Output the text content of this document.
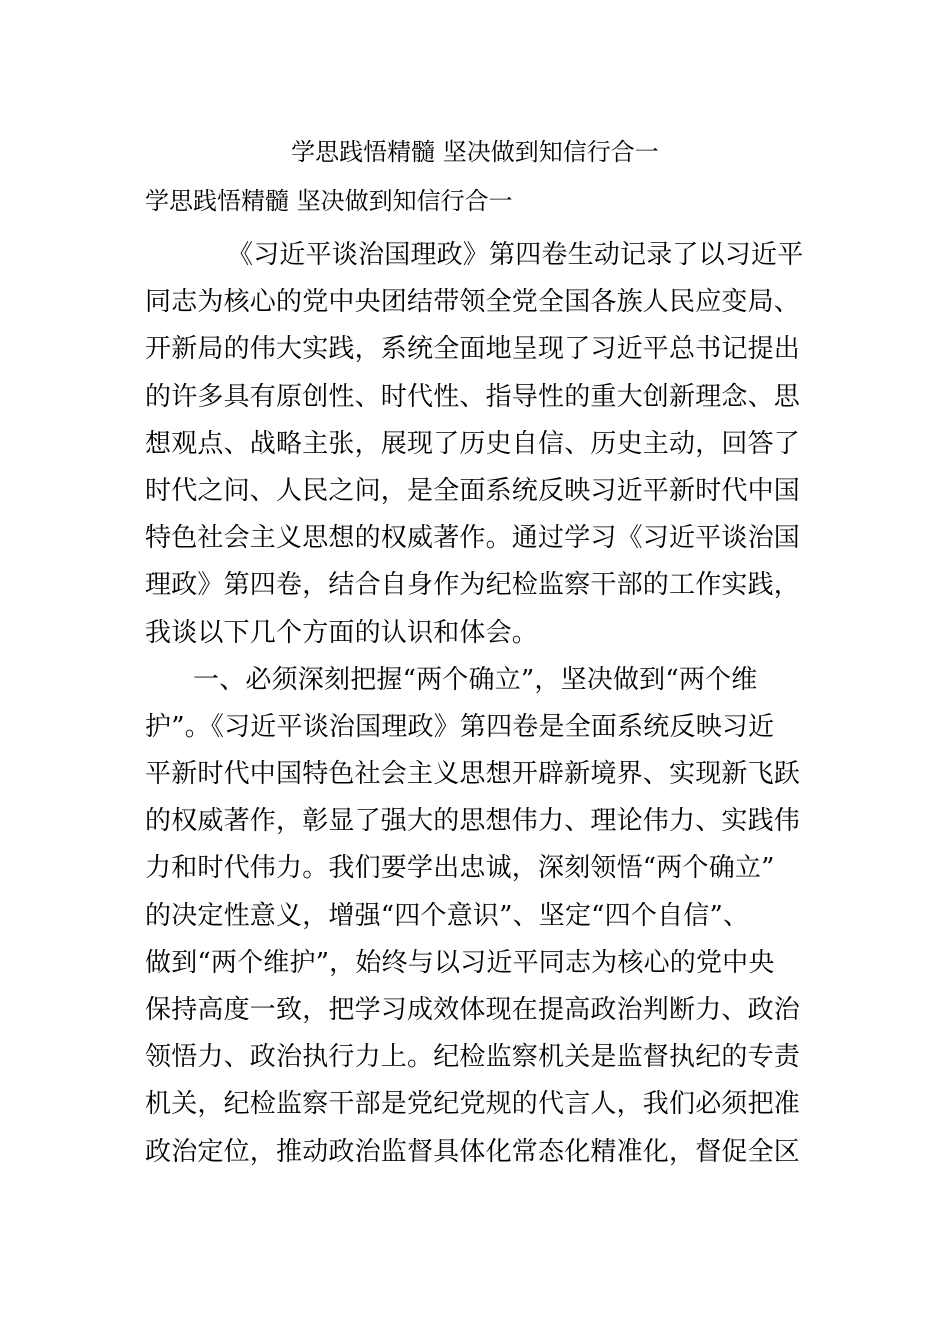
学思践悟精髓 坚决做到知信行合一
学思践悟精髓 坚决做到知信行合一
《习近平谈治国理政》第四卷生动记录了以习近平
同志为核心的党中央团结带领全党全国各族人民应变局、
开新局的伟大实践，系统全面地呈现了习近平总书记提出
的许多具有原创性、时代性、指导性的重大创新理念、思
想观点、战略主张，展现了历史自信、历史主动，回答了
时代之问、人民之问，是全面系统反映习近平新时代中国
特色社会主义思想的权威著作。通过学习《习近平谈治国
理政》第四卷，结合自身作为纪检监察干部的工作实践，
我谈以下几个方面的认识和体会。
一、必须深刻把握“两个确立”，坚决做到“两个维
护”。《习近平谈治国理政》第四卷是全面系统反映习近
平新时代中国特色社会主义思想开辟新境界、实现新飞跃
的权威著作，彰显了强大的思想伟力、理论伟力、实践伟
力和时代伟力。我们要学出忠诚，深刻领悟“两个确立”
的决定性意义，增强“四个意识”、坚定“四个自信”、
做到“两个维护”，始终与以习近平同志为核心的党中央
保持高度一致，把学习成效体现在提高政治判断力、政治
领悟力、政治执行力上。纪检监察机关是监督执纪的专责
机关，纪检监察干部是党纪党规的代言人，我们必须把准
政治定位，推动政治监督具体化常态化精准化，督促全区
